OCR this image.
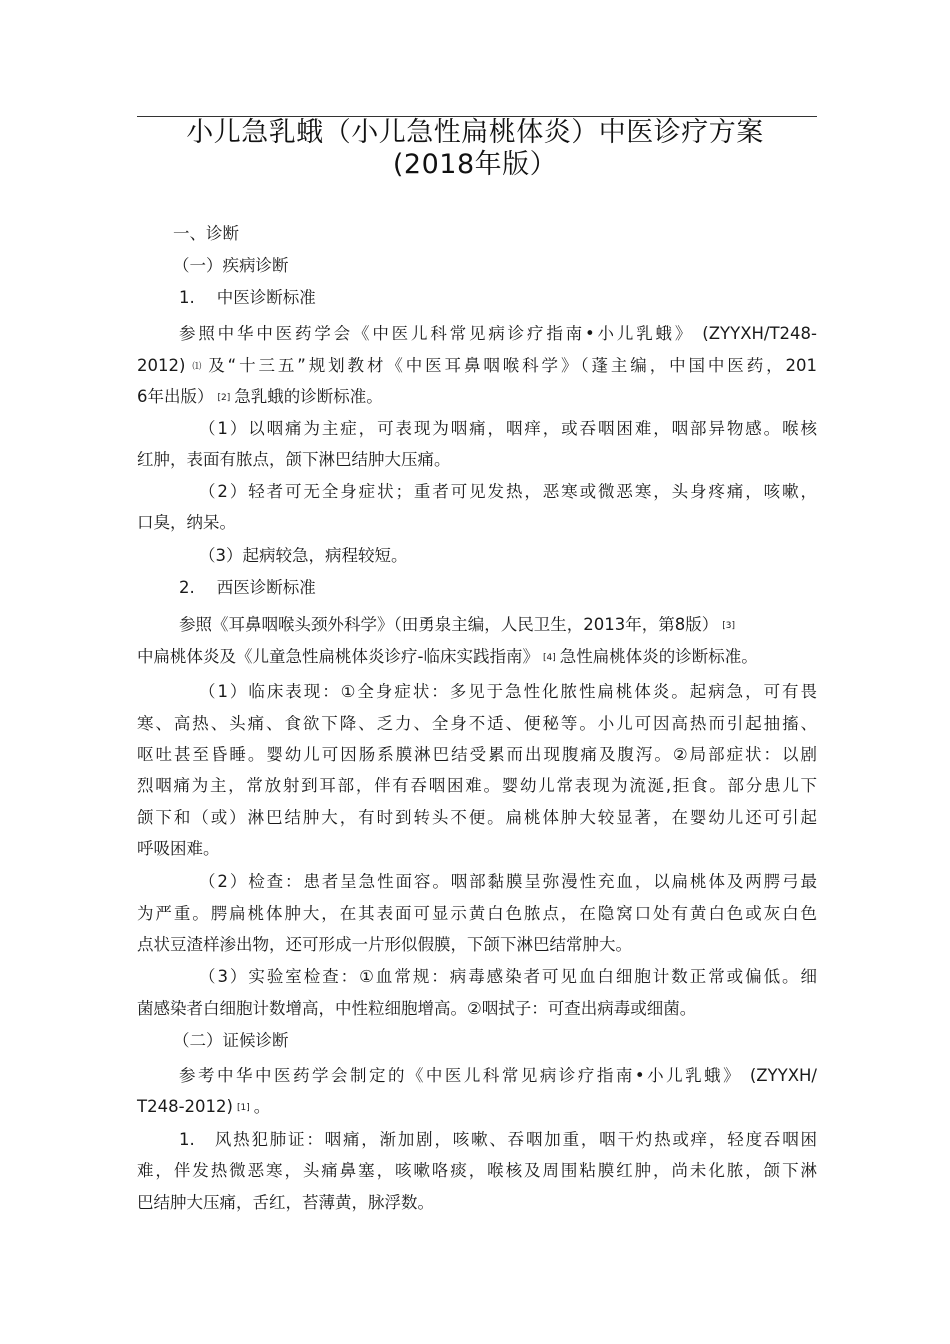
小儿急乳蛾（小儿急性扁桃体炎）中医诊疗方案
(2018年版）
一、诊断
（一）疾病诊断
1. 中医诊断标准
参照中华中医药学会《中医儿科常见病诊疗指南•小儿乳蛾》 (ZYYXH/T248-
2012) ⑴ 及“十三五”规划教材《中医耳鼻咽喉科学》（蓬主编，中国中医药，201
6年出版） [2] 急乳蛾的诊断标准。
（1）以咽痛为主症，可表现为咽痛，咽痒，或吞咽困难，咽部异物感。喉核
红肿，表面有脓点，颌下淋巴结肿大压痛。
（2）轻者可无全身症状；重者可见发热，恶寒或微恶寒，头身疼痛，咳嗽，
口臭，纳呆。
（3）起病较急，病程较短。
2. 西医诊断标准
参照《耳鼻咽喉头颈外科学》（田勇泉主编，人民卫生，2013年，第8版） [3]
中扁桃体炎及《儿童急性扁桃体炎诊疗-临床实践指南》 [4] 急性扁桃体炎的诊断标准。
（1）临床表现：①全身症状：多见于急性化脓性扁桃体炎。起病急，可有畏
寒、高热、头痛、食欲下降、乏力、全身不适、便秘等。小儿可因高热而引起抽搐、
呕吐甚至昏睡。婴幼儿可因肠系膜淋巴结受累而出现腹痛及腹泻。②局部症状：以剧
烈咽痛为主，常放射到耳部，伴有吞咽困难。婴幼儿常表现为流涎,拒食。部分患儿下
颌下和（或）淋巴结肿大，有时到转头不便。扁桃体肿大较显著，在婴幼儿还可引起
呼吸困难。
（2）检查：患者呈急性面容。咽部黏膜呈弥漫性充血，以扁桃体及两腭弓最
为严重。腭扁桃体肿大，在其表面可显示黄白色脓点，在隐窝口处有黄白色或灰白色
点状豆渣样渗出物，还可形成一片形似假膜，下颌下淋巴结常肿大。
（3）实验室检查：①血常规：病毒感染者可见血白细胞计数正常或偏低。细
菌感染者白细胞计数增高，中性粒细胞增高。②咽拭子：可查出病毒或细菌。
（二）证候诊断
参考中华中医药学会制定的《中医儿科常见病诊疗指南•小儿乳蛾》 (ZYYXH/
T248-2012) [1] 。
1.　风热犯肺证：咽痛，渐加剧，咳嗽、吞咽加重，咽干灼热或痒，轻度吞咽困
难，伴发热微恶寒，头痛鼻塞，咳嗽咯痰，喉核及周围粘膜红肿，尚未化脓，颌下淋
巴结肿大压痛，舌红，苔薄黄，脉浮数。
